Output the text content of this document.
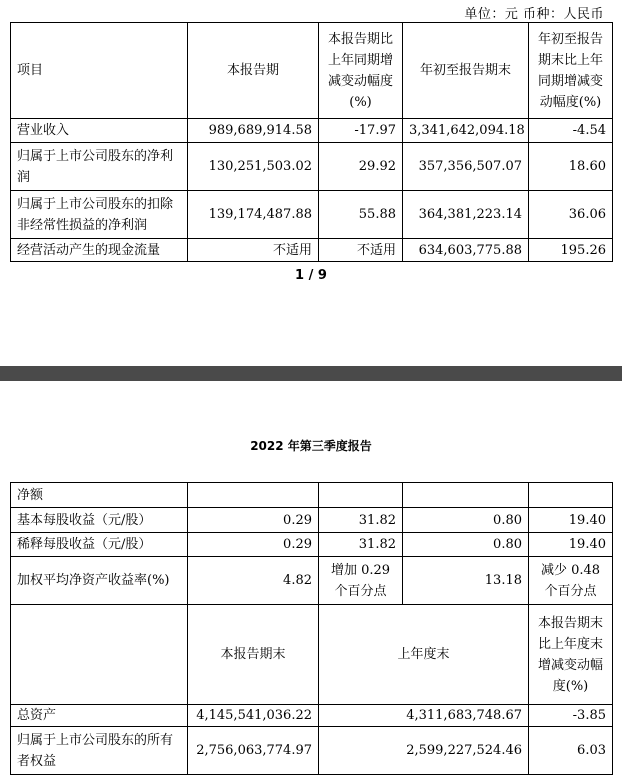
单位：元 币种：人民币
项目	本报告期	本报告期比上年同期增减变动幅度(%)	年初至报告期末	年初至报告期末比上年同期增减变动幅度(%)
营业收入	989,689,914.58	-17.97	3,341,642,094.18	-4.54
归属于上市公司股东的净利润	130,251,503.02	29.92	357,356,507.07	18.60
归属于上市公司股东的扣除非经常性损益的净利润	139,174,487.88	55.88	364,381,223.14	36.06
经营活动产生的现金流量	不适用	不适用	634,603,775.88	195.26
1 / 9
2022 年第三季度报告
净额				
基本每股收益（元/股）	0.29	31.82	0.80	19.40
稀释每股收益（元/股）	0.29	31.82	0.80	19.40
加权平均净资产收益率(%)	4.82	增加 0.29 个百分点	13.18	减少 0.48 个百分点
	本报告期末	上年度末		本报告期末比上年度末增减变动幅度(%)
总资产	4,145,541,036.22	4,311,683,748.67		-3.85
归属于上市公司股东的所有者权益	2,756,063,774.97	2,599,227,524.46		6.03
